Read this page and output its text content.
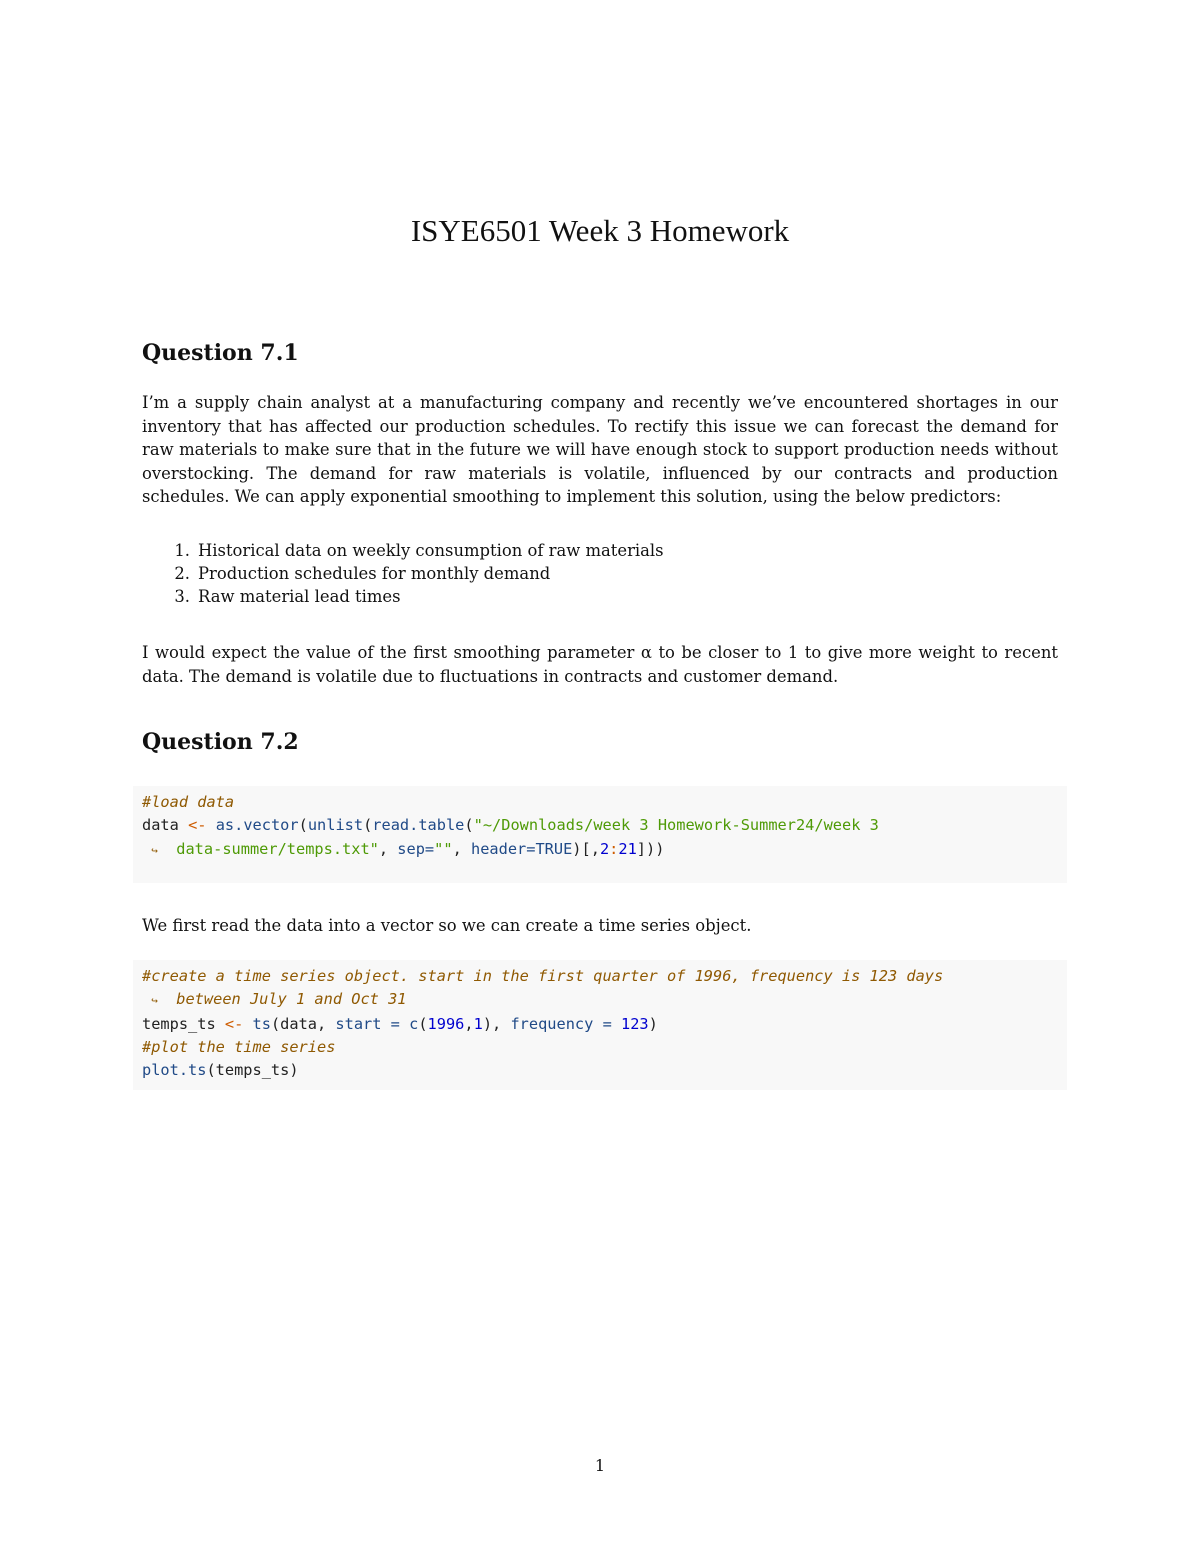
ISYE6501 Week 3 Homework
Question 7.1

I’m a supply chain analyst at a manufacturing company and recently we’ve encountered shortages in our inventory that has affected our production schedules. To rectify this issue we can forecast the demand for raw materials to make sure that in the future we will have enough stock to support production needs without overstocking. The demand for raw materials is volatile, influenced by our contracts and production schedules. We can apply exponential smoothing to implement this solution, using the below predictors:

1. Historical data on weekly consumption of raw materials
2. Production schedules for monthly demand
3. Raw material lead times

I would expect the value of the first smoothing parameter α to be closer to 1 to give more weight to recent data. The demand is volatile due to fluctuations in contracts and customer demand.

Question 7.2
#load data
data <- as.vector(unlist(read.table("~/Downloads/week 3 Homework-Summer24/week 3
↪ data-summer/temps.txt", sep="", header=TRUE)[,2:21]))

We first read the data into a vector so we can create a time series object.

#create a time series object. start in the first quarter of 1996, frequency is 123 days
↪ between July 1 and Oct 31
temps_ts <- ts(data, start = c(1996,1), frequency = 123)
#plot the time series
plot.ts(temps_ts)
1
